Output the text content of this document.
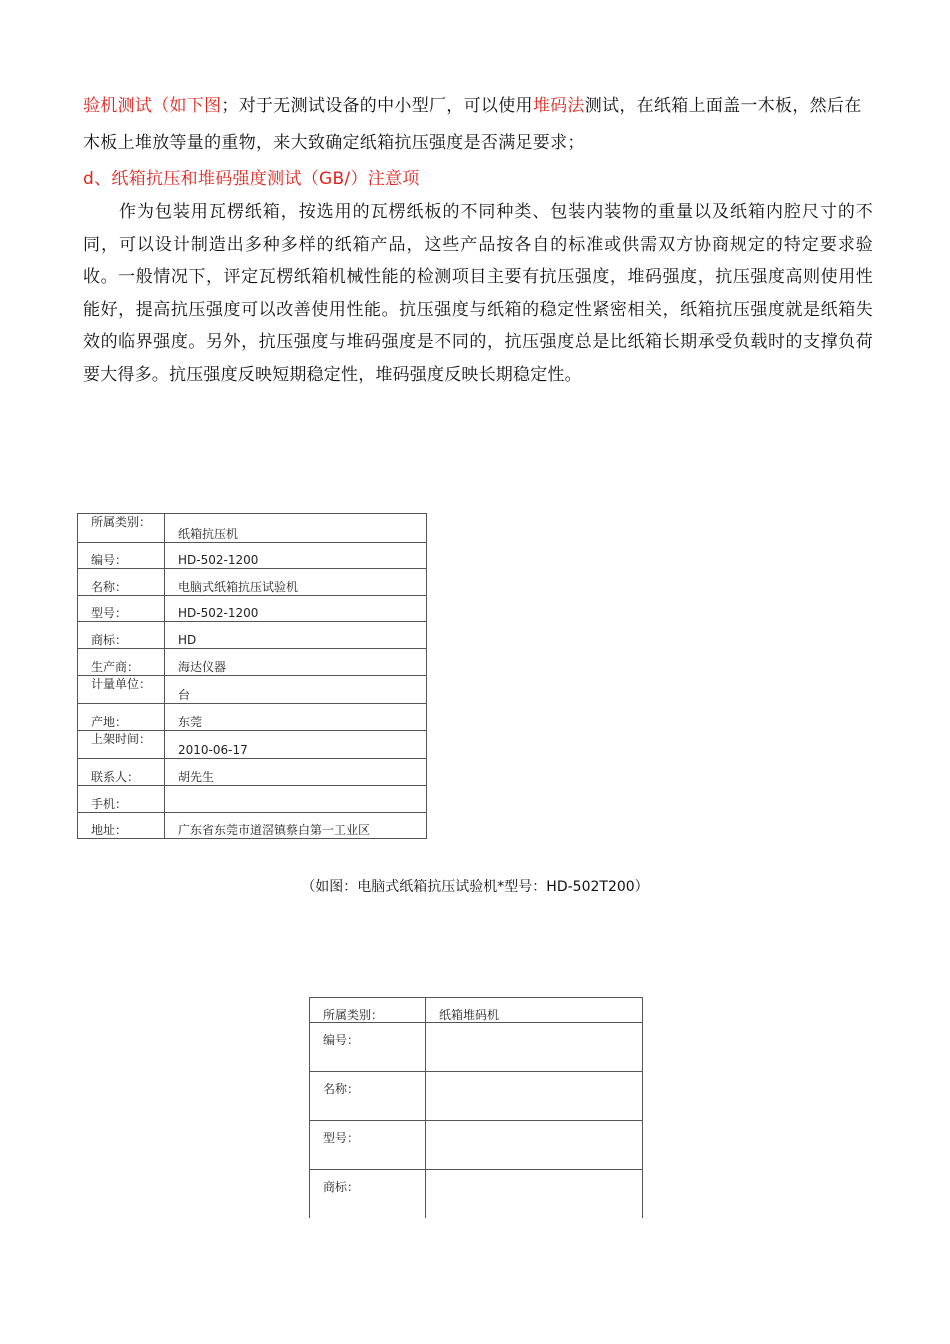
验机测试（如下图；对于无测试设备的中小型厂，可以使用堆码法测试，在纸箱上面盖一木板，然后在木板上堆放等量的重物，来大致确定纸箱抗压强度是否满足要求；
d、纸箱抗压和堆码强度测试（GB/）注意项
作为包装用瓦楞纸箱，按选用的瓦楞纸板的不同种类、包装内装物的重量以及纸箱内腔尺寸的不同，可以设计制造出多种多样的纸箱产品，这些产品按各自的标准或供需双方协商规定的特定要求验收。一般情况下，评定瓦楞纸箱机械性能的检测项目主要有抗压强度，堆码强度，抗压强度高则使用性能好，提高抗压强度可以改善使用性能。抗压强度与纸箱的稳定性紧密相关，纸箱抗压强度就是纸箱失效的临界强度。另外，抗压强度与堆码强度是不同的，抗压强度总是比纸箱长期承受负载时的支撑负荷要大得多。抗压强度反映短期稳定性，堆码强度反映长期稳定性。
所属类别：	纸箱抗压机
编号：	HD-502-1200
名称：	电脑式纸箱抗压试验机
型号：	HD-502-1200
商标：	HD
生产商：	海达仪器
计量单位：	台
产地：	东莞
上架时间：	2010-06-17
联系人：	胡先生
手机：	
地址：	广东省东莞市道滘镇蔡白第一工业区
（如图：电脑式纸箱抗压试验机*型号：HD-502T200）
所属类别：	纸箱堆码机
编号：	
名称：	
型号：	
商标：	
